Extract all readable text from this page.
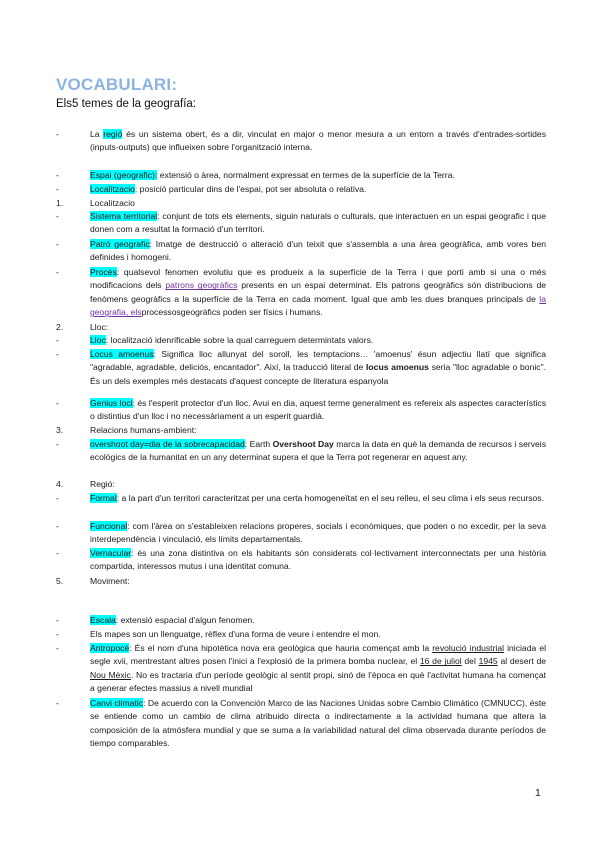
VOCABULARI:
Els5 temes de la geografía:
-	La regió és un sistema obert, és a dir, vinculat en major o menor mesura a un entorn a través d'entrades-sortides (inputs-outputs) que influeixen sobre l'organització interna.
-	Espai (geografic): extensió o àrea, normalment expressat en termes de la superfície de la Terra.
-	Localitzacio: posició particular dins de l'espai, pot ser absoluta o relativa.
1.	Localitzacio
-	Sistema territorial: conjunt de tots els elements, siguin naturals o culturals, que interactuen en un espai geografic i que donen com a resultat la formació d'un territori.
-	Patró geografic: Imatge de destrucció o alteració d'un teixit que s'assembla a una àrea geogràfica, amb vores ben definides i homogeni.
-	Procés: qualsevol fenomen evolutiu que es produeix a la superfície de la Terra i que porti amb si una o més modificacions dels patrons geogràfics presents en un espai determinat. Els patrons geogràfics són distribucions de fenòmens geogràfics a la superfície de la Terra en cada moment. Igual que amb les dues branques principals de la geografia, elsprocessosgeogràfics poden ser físics i humans.
2.	Lloc:
-	Lloc: localització idenrificable sobre la qual carreguem determintats valors.
-	Locus amoenus: Significa lloc allunyat del soroll, les temptacions… 'amoenus' ésun adjectiu llatí que significa "agradable, agradable, deliciós, encantador". Així, la traducció literal de locus amoenus seria "lloc agradable o bonic". És un dels exemples més destacats d'aquest concepte de literatura espanyola
-	Genius loci: és l'esperit protector d'un lloc. Avui en dia, aquest terme generalment es refereix als aspectes característics o distintius d'un lloc i no necessàriament a un esperit guardià.
3.	Relacions humans-ambient:
-	overshoot day=dia de la sobrecapacidad: Earth Overshoot Day marca la data en què la demanda de recursos i serveis ecològics de la humanitat en un any determinat supera el que la Terra pot regenerar en aquest any.
4.	Regió:
-	Formal: a la part d'un territori caracteritzat per una certa homogeneïtat en el seu relleu, el seu clima i els seus recursos.
-	Funcional: com l'àrea on s'estableixen relacions properes, socials i econòmiques, que poden o no excedir, per la seva interdependència i vinculació, els límits departamentals.
-	Vernacular: és una zona distintiva on els habitants són considerats col·lectivament interconnectats per una història compartida, interessos mutus i una identitat comuna.
5.	Moviment:
-	Escala: extensió espacial d'algun fenomen.
-	Els mapes son un llenguatge, rèflex d'una forma de veure i entendre el mon.
-	Antropocè: És el nom d'una hipotètica nova era geològica que hauria començat amb la revolució industrial iniciada el segle xvii, mentrestant altres posen l'inici a l'explosió de la primera bomba nuclear, el 16 de juliol del 1945 al desert de Nou Mèxic. No es tractaria d'un període geològic al sentit propi, sinó de l'època en què l'activitat humana ha començat a generar efectes massius a nivell mundial
-	Canvi climatic: De acuerdo con la Convención Marco de las Naciones Unidas sobre Cambio Climático (CMNUCC), éste se entiende como un cambio de clima atribuido directa o indirectamente a la actividad humana que altera la composición de la atmósfera mundial y que se suma a la variabilidad natural del clima observada durante períodos de tiempo comparables.
1
